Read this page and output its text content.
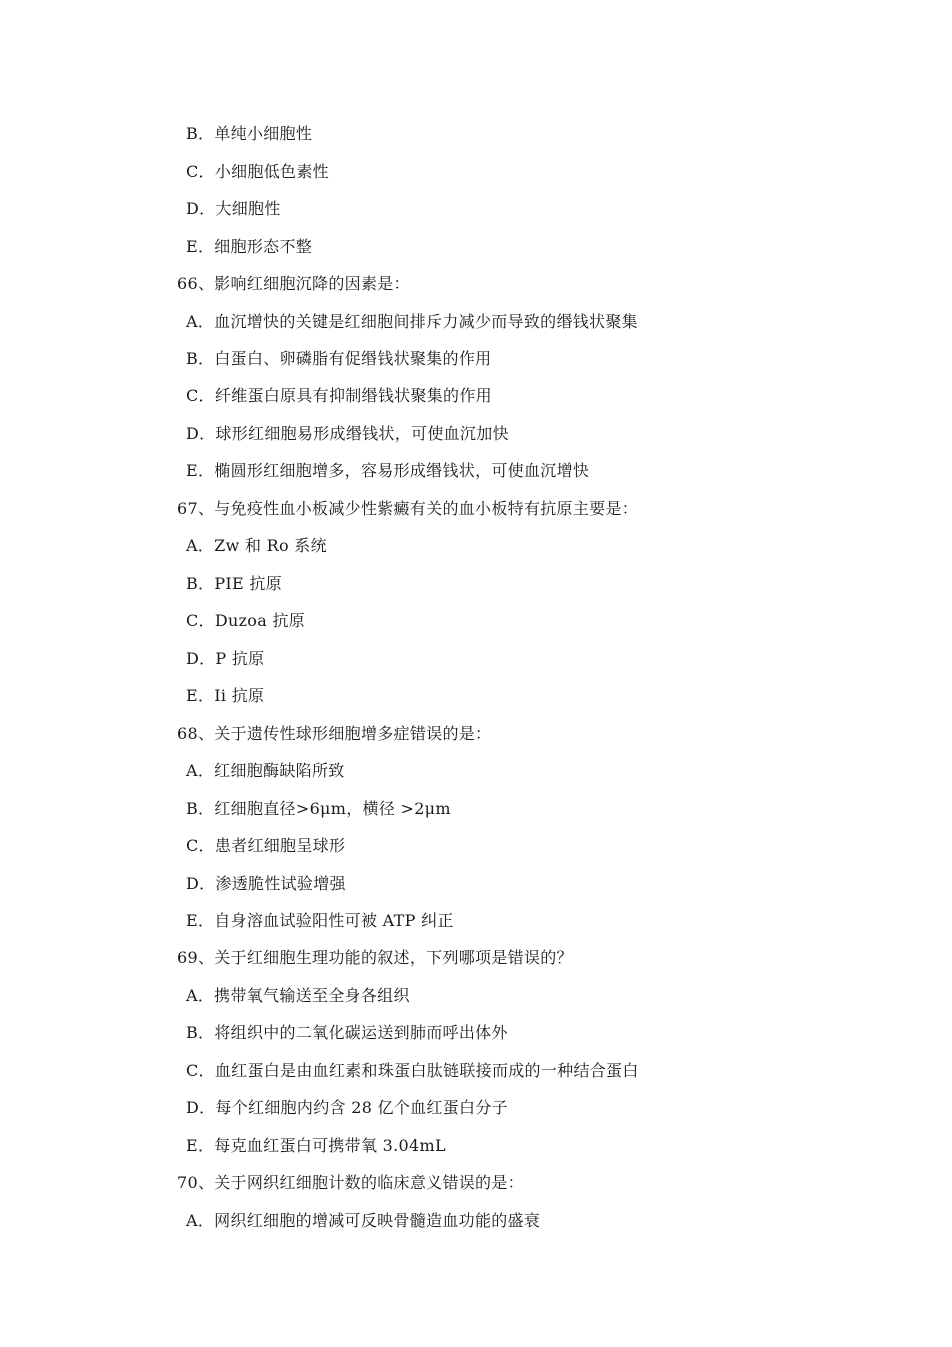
B．单纯小细胞性
C．小细胞低色素性
D．大细胞性
E．细胞形态不整
66、影响红细胞沉降的因素是：
A．血沉增快的关键是红细胞间排斥力减少而导致的缗钱状聚集
B．白蛋白、卵磷脂有促缗钱状聚集的作用
C．纤维蛋白原具有抑制缗钱状聚集的作用
D．球形红细胞易形成缗钱状，可使血沉加快
E．椭圆形红细胞增多，容易形成缗钱状，可使血沉增快
67、与免疫性血小板减少性紫癜有关的血小板特有抗原主要是：
A．Zw 和 Ro 系统
B．PIE 抗原
C．Duzoa 抗原
D．P 抗原
E．Ii 抗原
68、关于遗传性球形细胞增多症错误的是：
A．红细胞酶缺陷所致
B．红细胞直径>6μm，横径 >2μm
C．患者红细胞呈球形
D．渗透脆性试验增强
E．自身溶血试验阳性可被 ATP 纠正
69、关于红细胞生理功能的叙述，下列哪项是错误的？
A．携带氧气输送至全身各组织
B．将组织中的二氧化碳运送到肺而呼出体外
C．血红蛋白是由血红素和珠蛋白肽链联接而成的一种结合蛋白
D．每个红细胞内约含 28 亿个血红蛋白分子
E．每克血红蛋白可携带氧 3.04mL
70、关于网织红细胞计数的临床意义错误的是：
A．网织红细胞的增减可反映骨髓造血功能的盛衰
